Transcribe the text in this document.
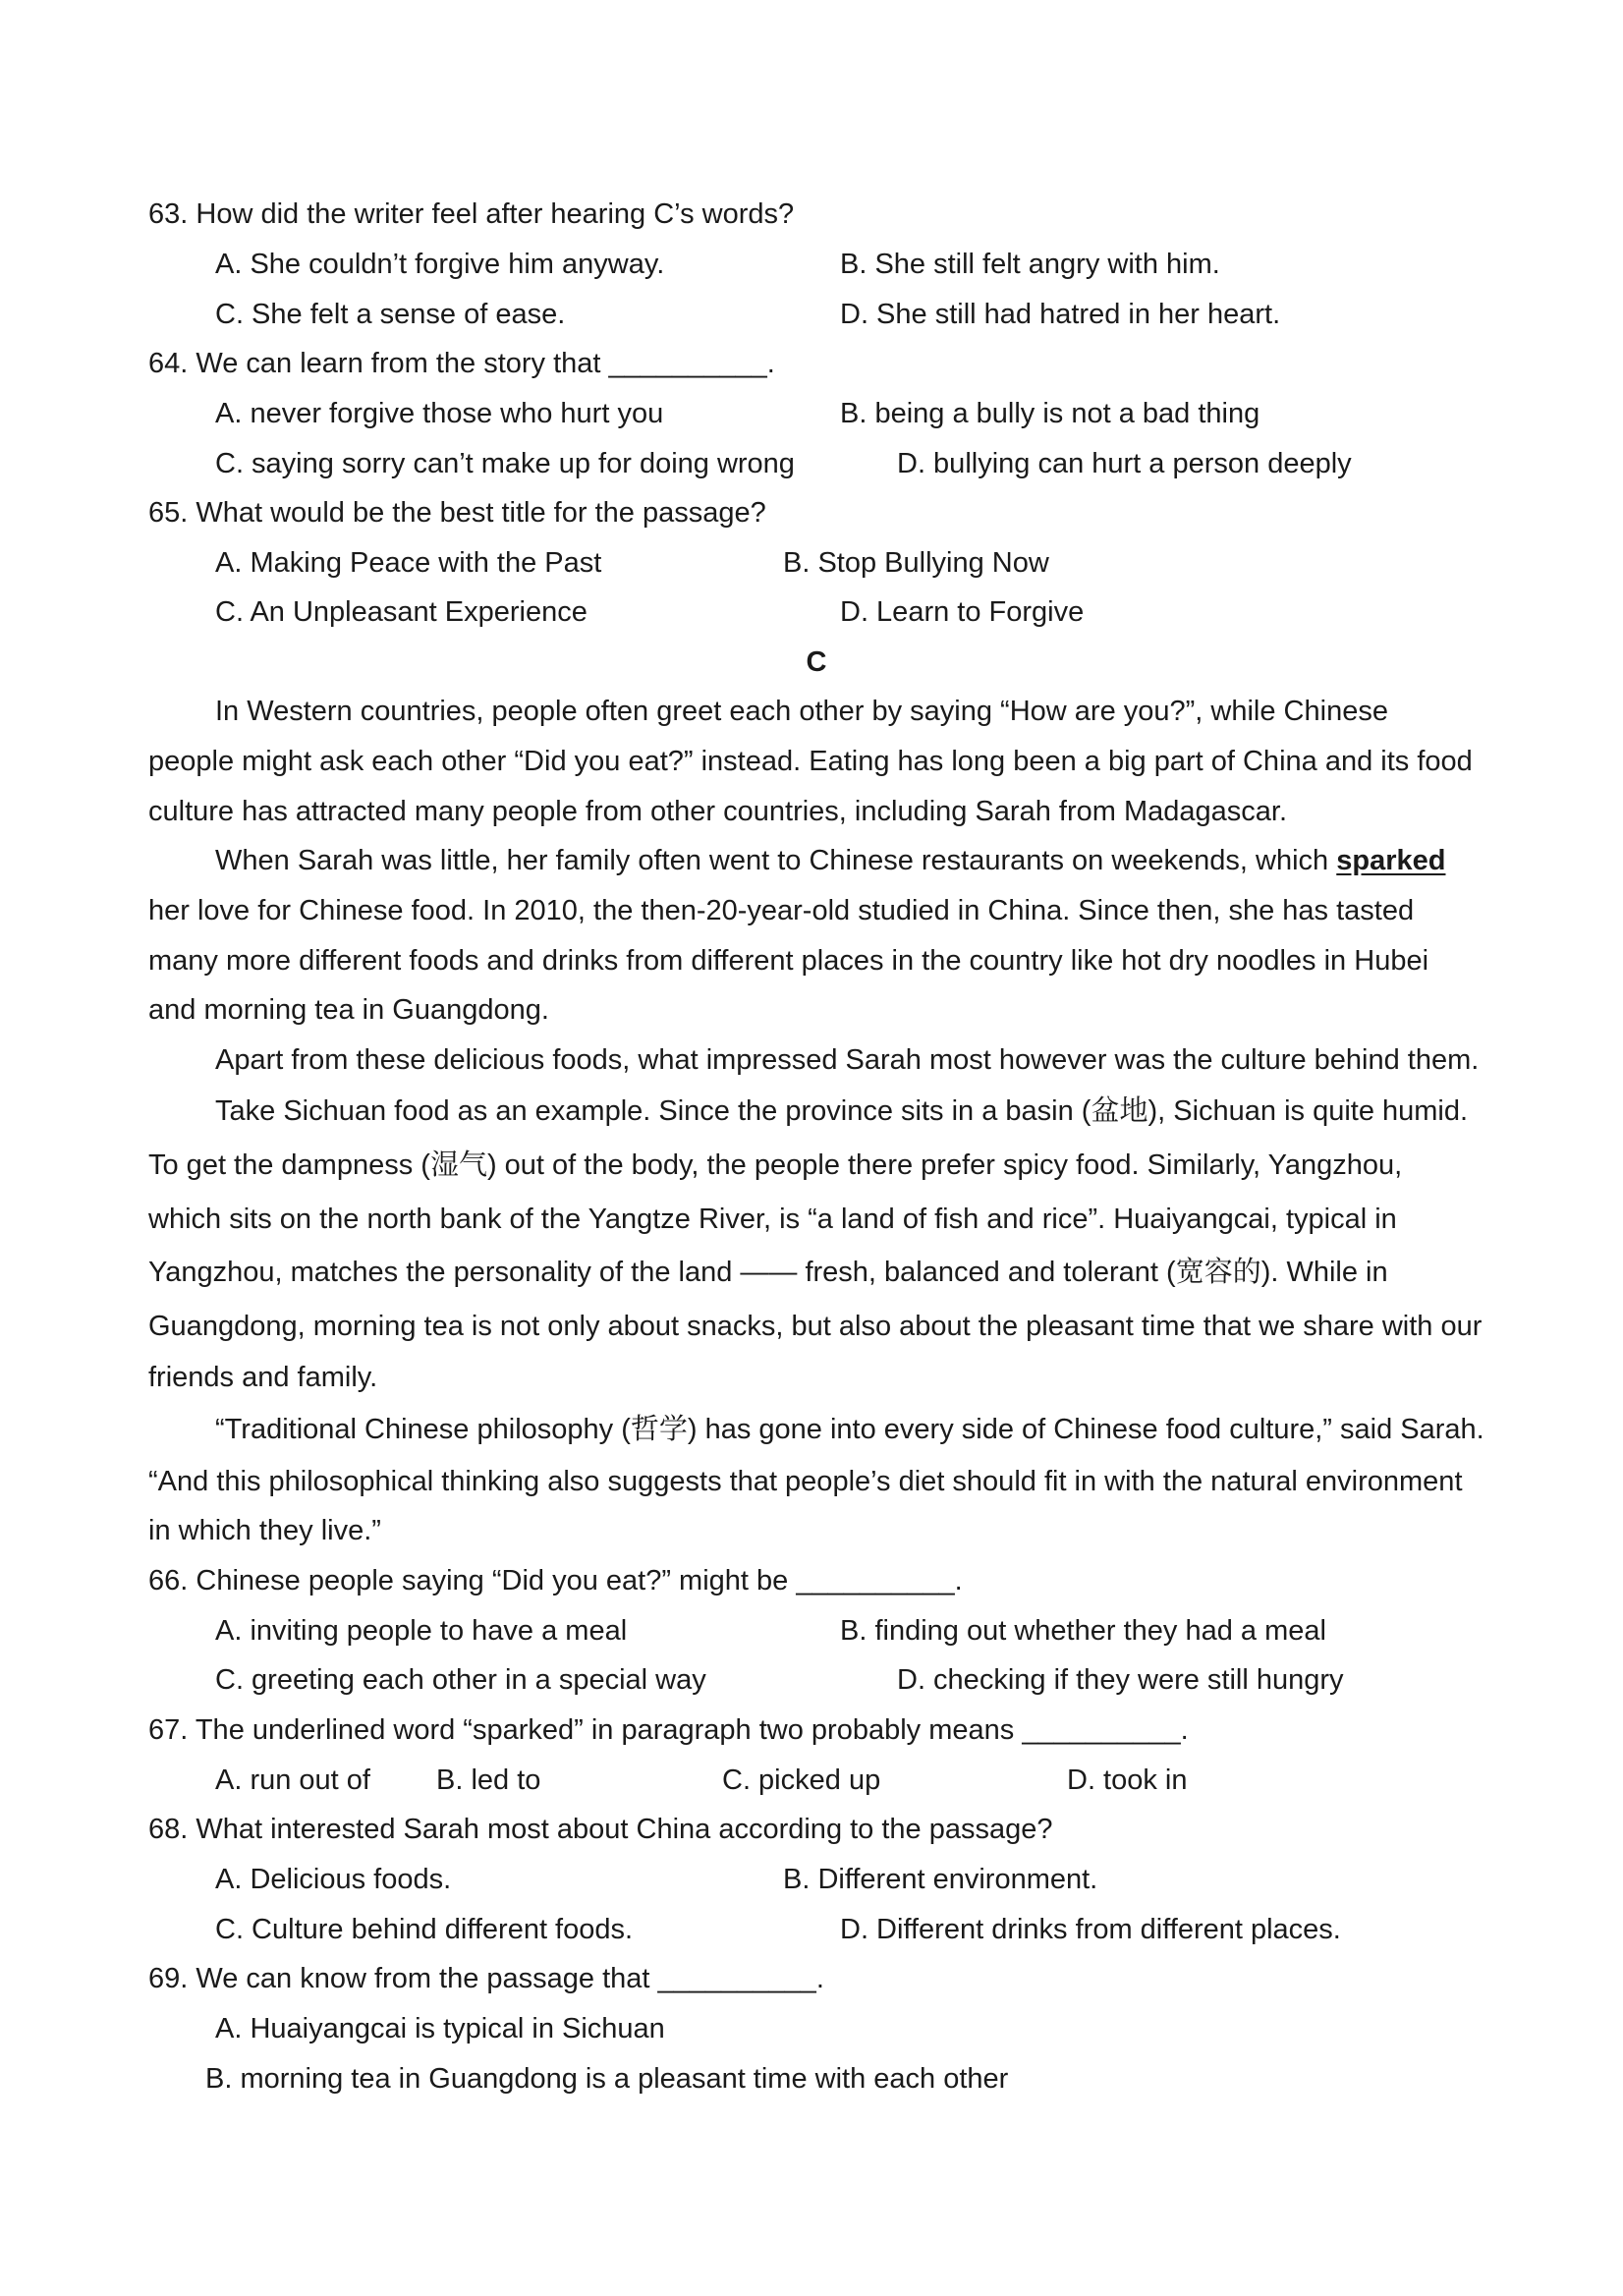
63. How did the writer feel after hearing C’s words?
A. She couldn’t forgive him anyway.	B. She still felt angry with him.
C. She felt a sense of ease.	D. She still had hatred in her heart.
64. We can learn from the story that __________.
A. never forgive those who hurt you	B. being a bully is not a bad thing
C. saying sorry can’t make up for doing wrong	D. bullying can hurt a person deeply
65. What would be the best title for the passage?
A. Making Peace with the Past	B. Stop Bullying Now
C. An Unpleasant Experience	D. Learn to Forgive
C
In Western countries, people often greet each other by saying “How are you?”, while Chinese
people might ask each other “Did you eat?” instead. Eating has long been a big part of China and its food
culture has attracted many people from other countries, including Sarah from Madagascar.
When Sarah was little, her family often went to Chinese restaurants on weekends, which sparked
her love for Chinese food. In 2010, the then-20-year-old studied in China. Since then, she has tasted
many more different foods and drinks from different places in the country like hot dry noodles in Hubei
and morning tea in Guangdong.
Apart from these delicious foods, what impressed Sarah most however was the culture behind them.
Take Sichuan food as an example. Since the province sits in a basin (盆地), Sichuan is quite humid.
To get the dampness (湿气) out of the body, the people there prefer spicy food. Similarly, Yangzhou,
which sits on the north bank of the Yangtze River, is “a land of fish and rice”. Huaiyangcai, typical in
Yangzhou, matches the personality of the land —— fresh, balanced and tolerant (宽容的). While in
Guangdong, morning tea is not only about snacks, but also about the pleasant time that we share with our
friends and family.
“Traditional Chinese philosophy (哲学) has gone into every side of Chinese food culture,” said Sarah.
“And this philosophical thinking also suggests that people’s diet should fit in with the natural environment
in which they live.”
66. Chinese people saying “Did you eat?” might be __________.
A. inviting people to have a meal	B. finding out whether they had a meal
C. greeting each other in a special way	D. checking if they were still hungry
67. The underlined word “sparked” in paragraph two probably means __________.
A. run out of B. led to	C. picked up	D. took in
68. What interested Sarah most about China according to the passage?
A. Delicious foods.	B. Different environment.
C. Culture behind different foods.	D. Different drinks from different places.
69. We can know from the passage that __________.
A. Huaiyangcai is typical in Sichuan
B. morning tea in Guangdong is a pleasant time with each other
